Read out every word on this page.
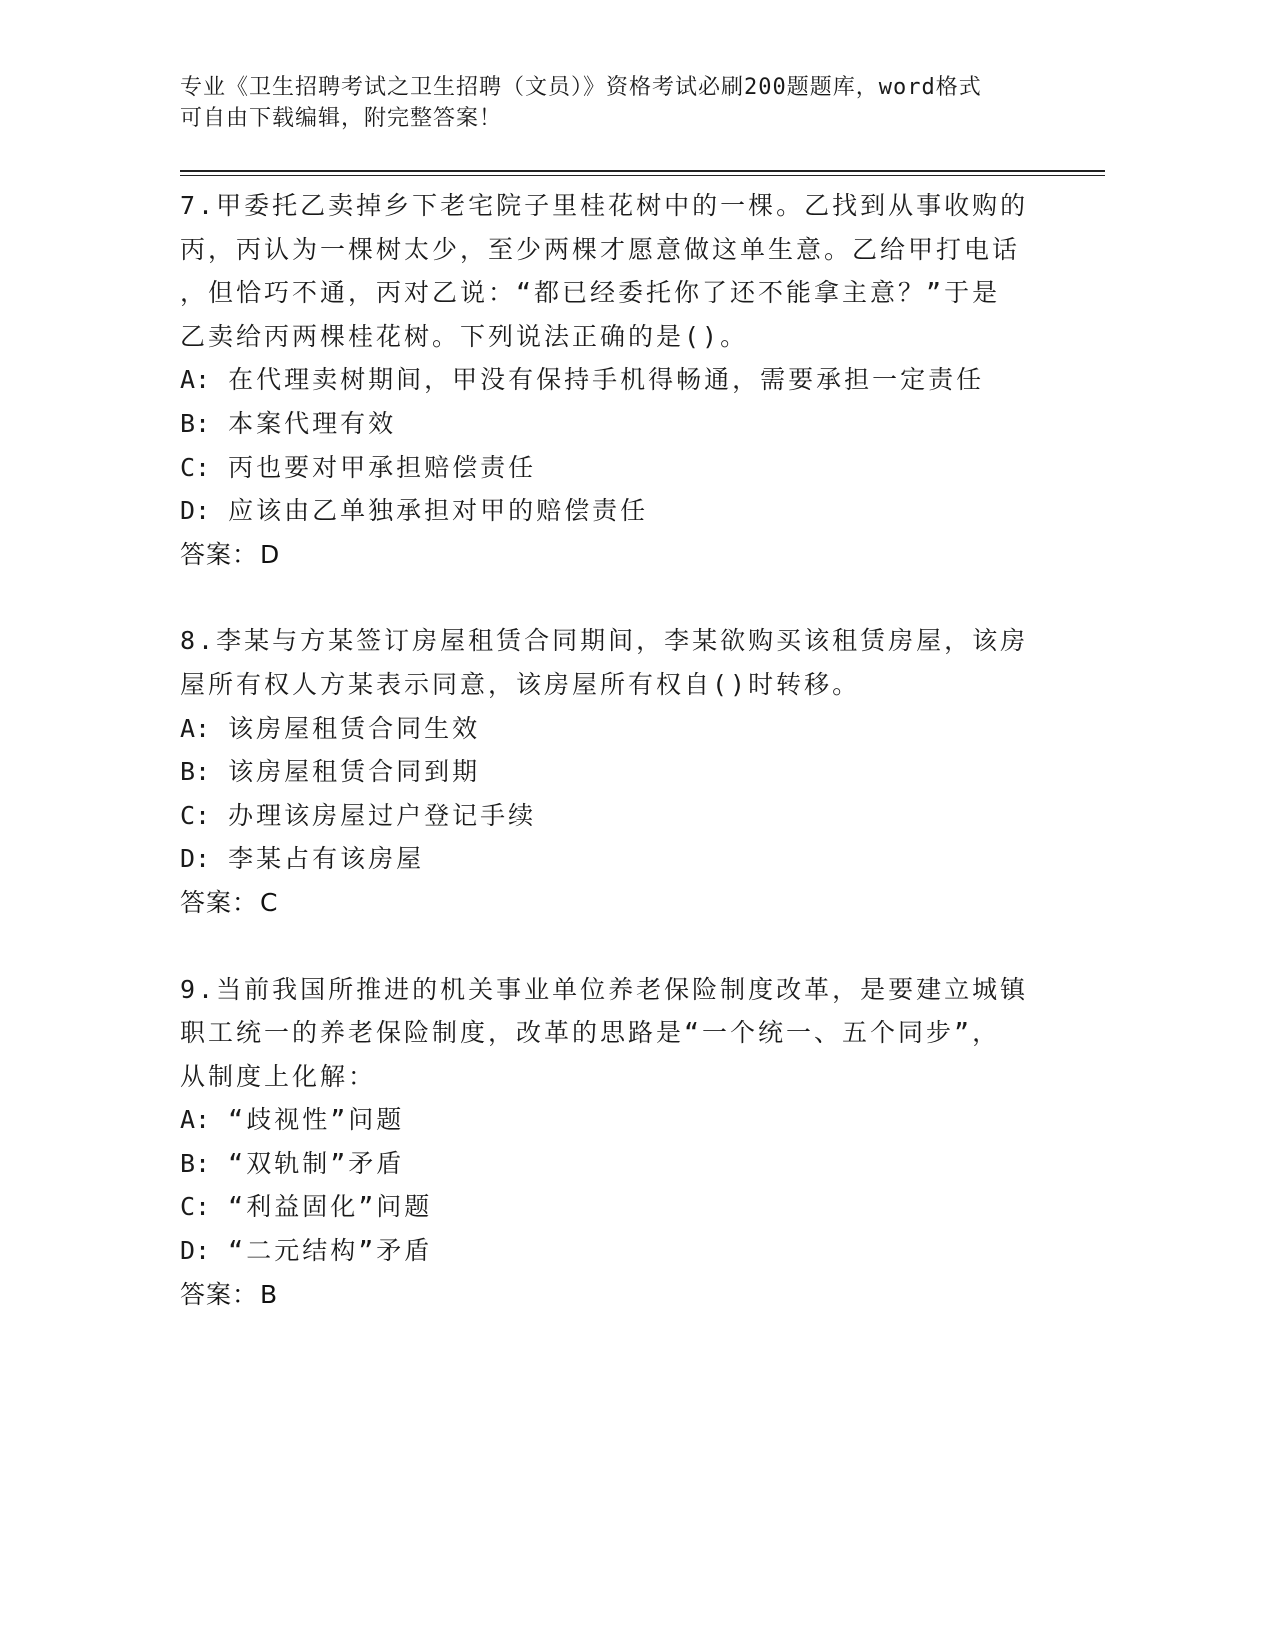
专业《卫生招聘考试之卫生招聘（文员）》资格考试必刷200题题库，word格式
可自由下载编辑，附完整答案！
7.甲委托乙卖掉乡下老宅院子里桂花树中的一棵。乙找到从事收购的
丙，丙认为一棵树太少，至少两棵才愿意做这单生意。乙给甲打电话
，但恰巧不通，丙对乙说：“都已经委托你了还不能拿主意？”于是
乙卖给丙两棵桂花树。下列说法正确的是()。
A: 在代理卖树期间，甲没有保持手机得畅通，需要承担一定责任
B: 本案代理有效
C: 丙也要对甲承担赔偿责任
D: 应该由乙单独承担对甲的赔偿责任
答案：D
8.李某与方某签订房屋租赁合同期间，李某欲购买该租赁房屋，该房
屋所有权人方某表示同意，该房屋所有权自()时转移。
A: 该房屋租赁合同生效
B: 该房屋租赁合同到期
C: 办理该房屋过户登记手续
D: 李某占有该房屋
答案：C
9.当前我国所推进的机关事业单位养老保险制度改革，是要建立城镇
职工统一的养老保险制度，改革的思路是“一个统一、五个同步”，
从制度上化解：
A: “歧视性”问题
B: “双轨制”矛盾
C: “利益固化”问题
D: “二元结构”矛盾
答案：B
